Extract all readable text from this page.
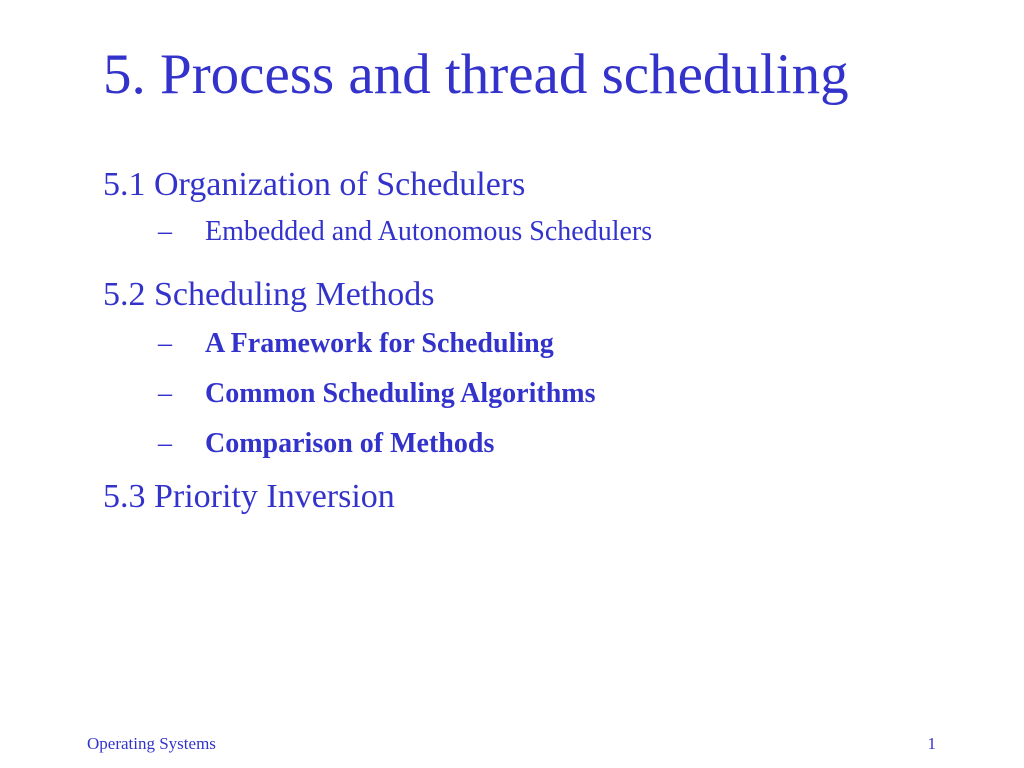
5. Process and thread scheduling
5.1 Organization of Schedulers
– Embedded and Autonomous Schedulers
5.2 Scheduling Methods
– A Framework for Scheduling
– Common Scheduling Algorithms
– Comparison of Methods
5.3 Priority Inversion
Operating Systems	1
